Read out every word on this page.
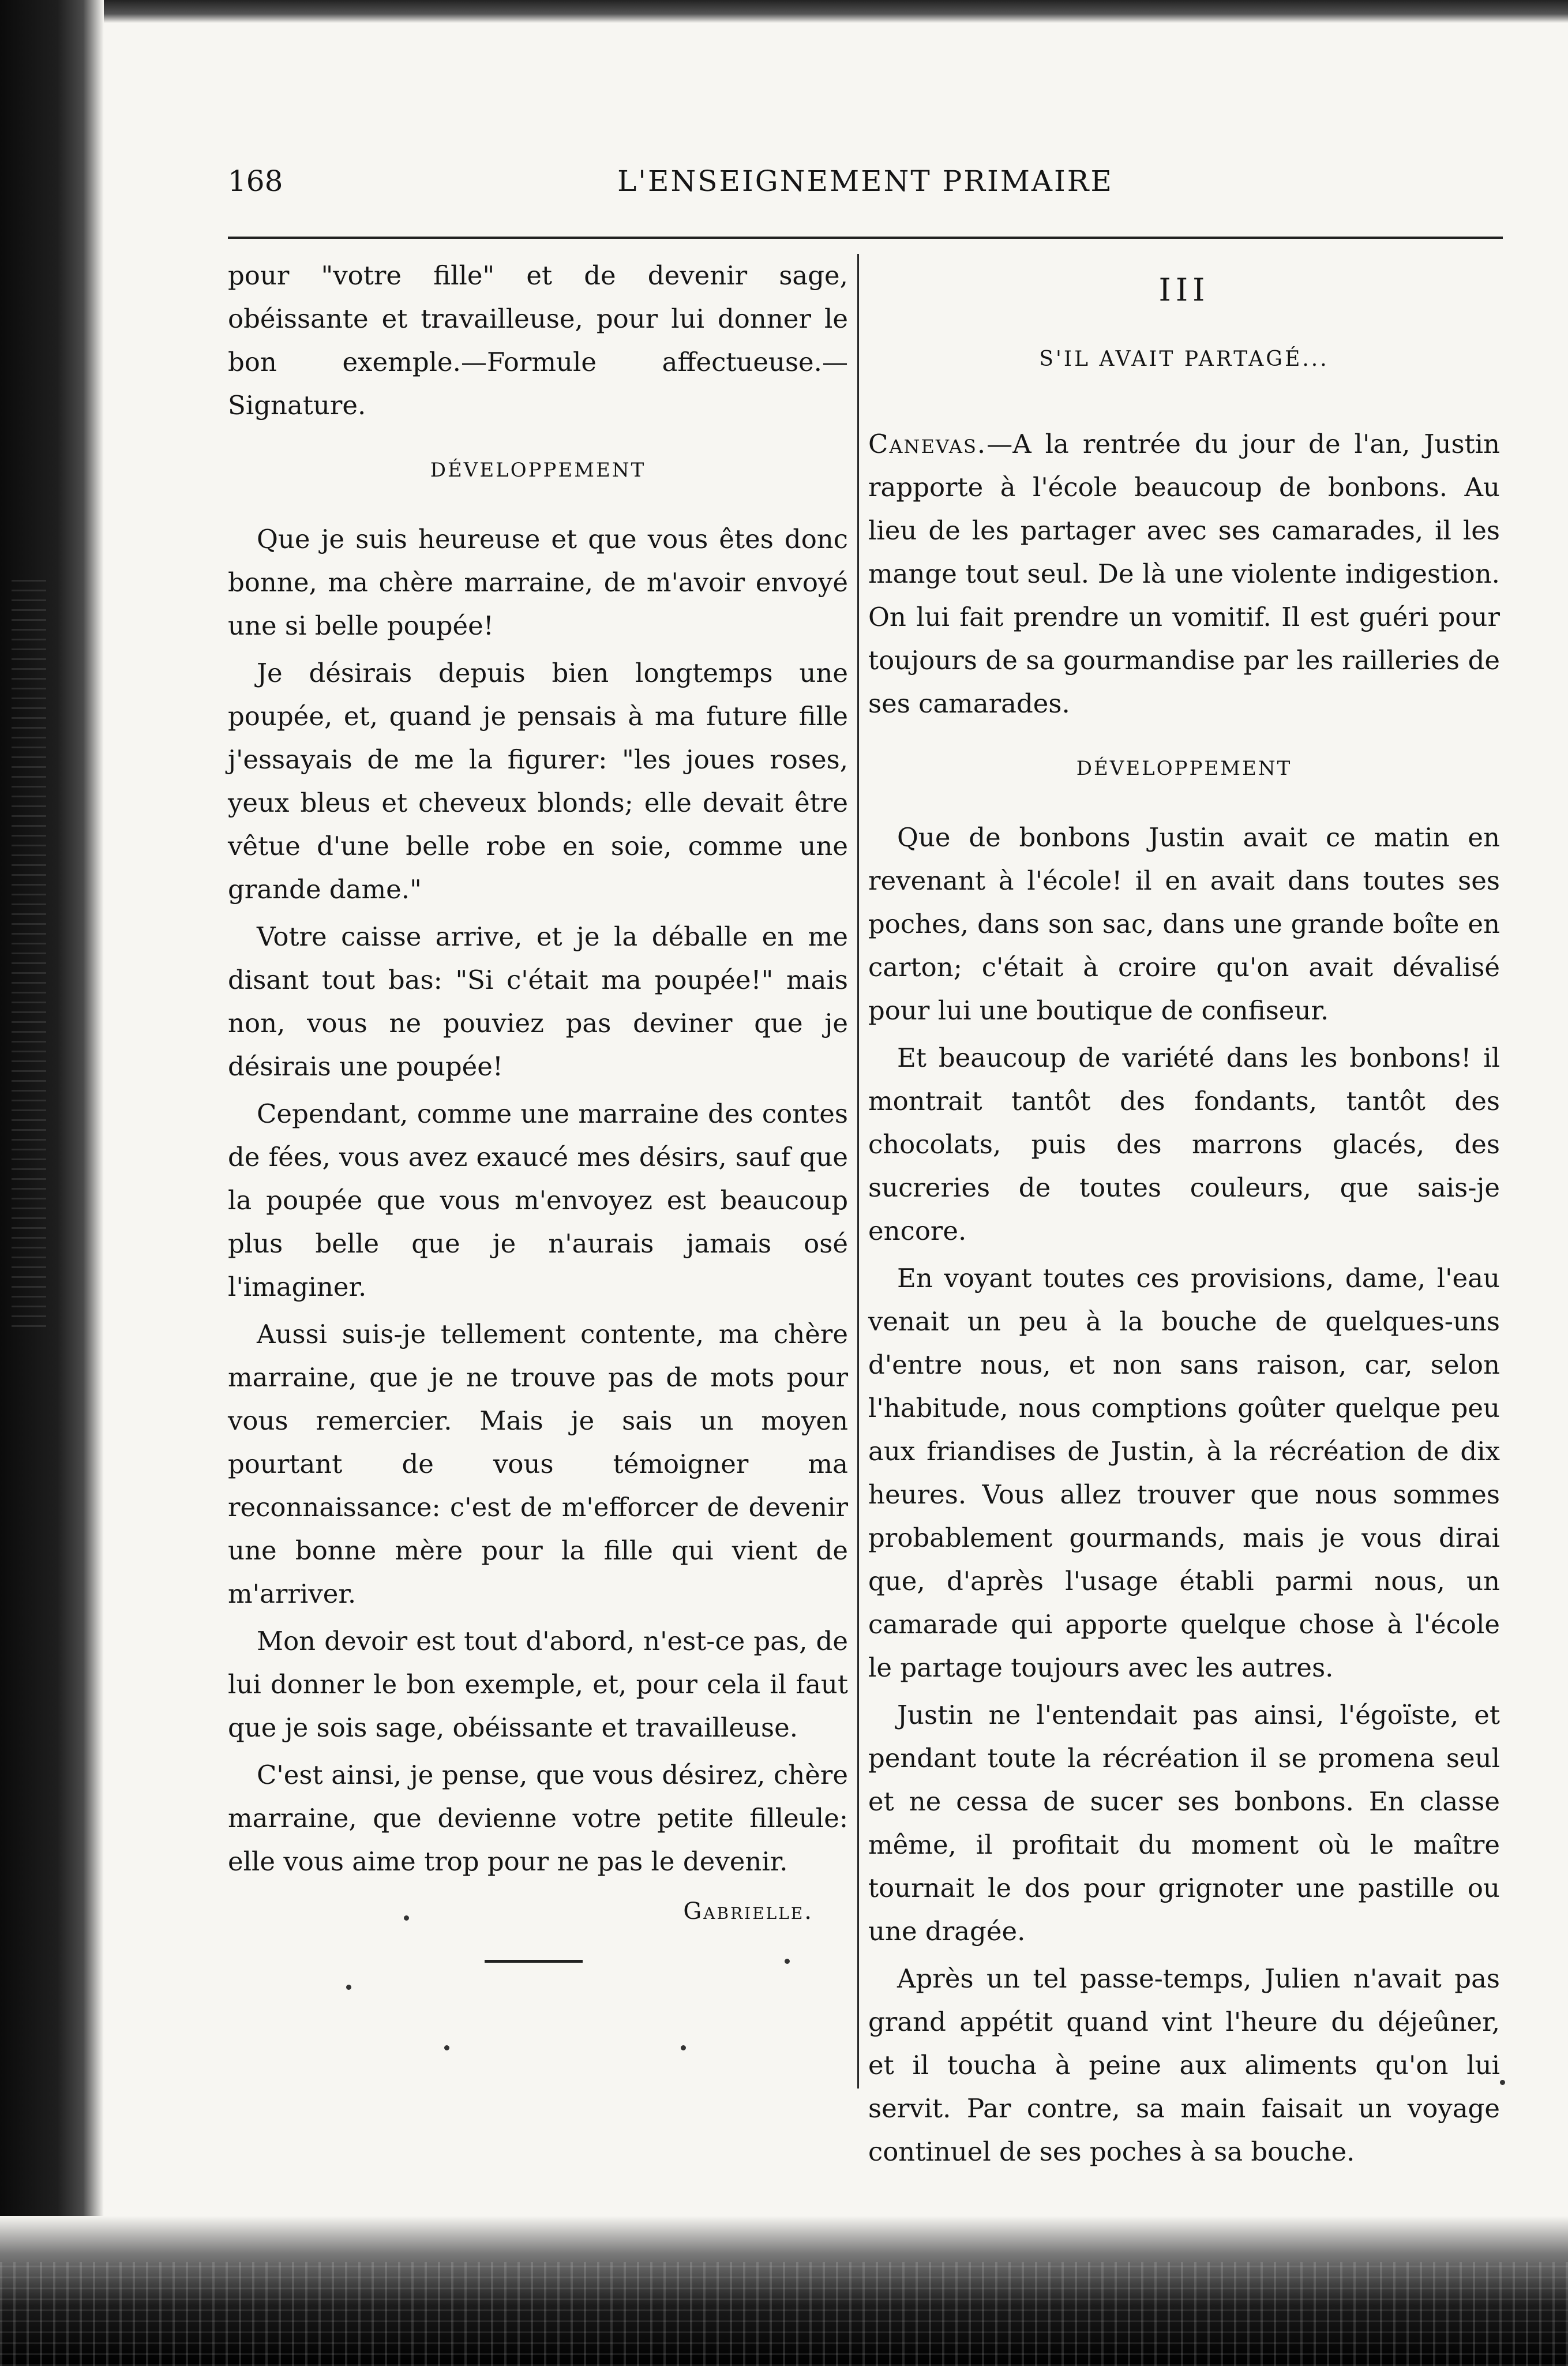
168	L'ENSEIGNEMENT PRIMAIRE

pour "votre fille" et de devenir sage, obéissante et travailleuse, pour lui donner le bon exemple.—Formule affectueuse.—Signature.

DÉVELOPPEMENT

Que je suis heureuse et que vous êtes donc bonne, ma chère marraine, de m'avoir envoyé une si belle poupée!

Je désirais depuis bien longtemps une poupée, et, quand je pensais à ma future fille j'essayais de me la figurer: "les joues roses, yeux bleus et cheveux blonds; elle devait être vêtue d'une belle robe en soie, comme une grande dame."

Votre caisse arrive, et je la déballe en me disant tout bas: "Si c'était ma poupée!" mais non, vous ne pouviez pas deviner que je désirais une poupée!

Cependant, comme une marraine des contes de fées, vous avez exaucé mes désirs, sauf que la poupée que vous m'envoyez est beaucoup plus belle que je n'aurais jamais osé l'imaginer.

Aussi suis-je tellement contente, ma chère marraine, que je ne trouve pas de mots pour vous remercier. Mais je sais un moyen pourtant de vous témoigner ma reconnaissance: c'est de m'efforcer de devenir une bonne mère pour la fille qui vient de m'arriver.

Mon devoir est tout d'abord, n'est-ce pas, de lui donner le bon exemple, et, pour cela il faut que je sois sage, obéissante et travailleuse.

C'est ainsi, je pense, que vous désirez, chère marraine, que devienne votre petite filleule: elle vous aime trop pour ne pas le devenir.

Gabrielle.
III
S'IL AVAIT PARTAGÉ...

Canevas.—A la rentrée du jour de l'an, Justin rapporte à l'école beaucoup de bonbons. Au lieu de les partager avec ses camarades, il les mange tout seul. De là une violente indigestion. On lui fait prendre un vomitif. Il est guéri pour toujours de sa gourmandise par les railleries de ses camarades.

DÉVELOPPEMENT

Que de bonbons Justin avait ce matin en revenant à l'école! il en avait dans toutes ses poches, dans son sac, dans une grande boîte en carton; c'était à croire qu'on avait dévalisé pour lui une boutique de confiseur.

Et beaucoup de variété dans les bonbons! il montrait tantôt des fondants, tantôt des chocolats, puis des marrons glacés, des sucreries de toutes couleurs, que sais-je encore.

En voyant toutes ces provisions, dame, l'eau venait un peu à la bouche de quelques-uns d'entre nous, et non sans raison, car, selon l'habitude, nous comptions goûter quelque peu aux friandises de Justin, à la récréation de dix heures. Vous allez trouver que nous sommes probablement gourmands, mais je vous dirai que, d'après l'usage établi parmi nous, un camarade qui apporte quelque chose à l'école le partage toujours avec les autres.

Justin ne l'entendait pas ainsi, l'égoïste, et pendant toute la récréation il se promena seul et ne cessa de sucer ses bonbons. En classe même, il profitait du moment où le maître tournait le dos pour grignoter une pastille ou une dragée.

Après un tel passe-temps, Julien n'avait pas grand appétit quand vint l'heure du déjeûner, et il toucha à peine aux aliments qu'on lui servit. Par contre, sa main faisait un voyage continuel de ses poches à sa bouche.
